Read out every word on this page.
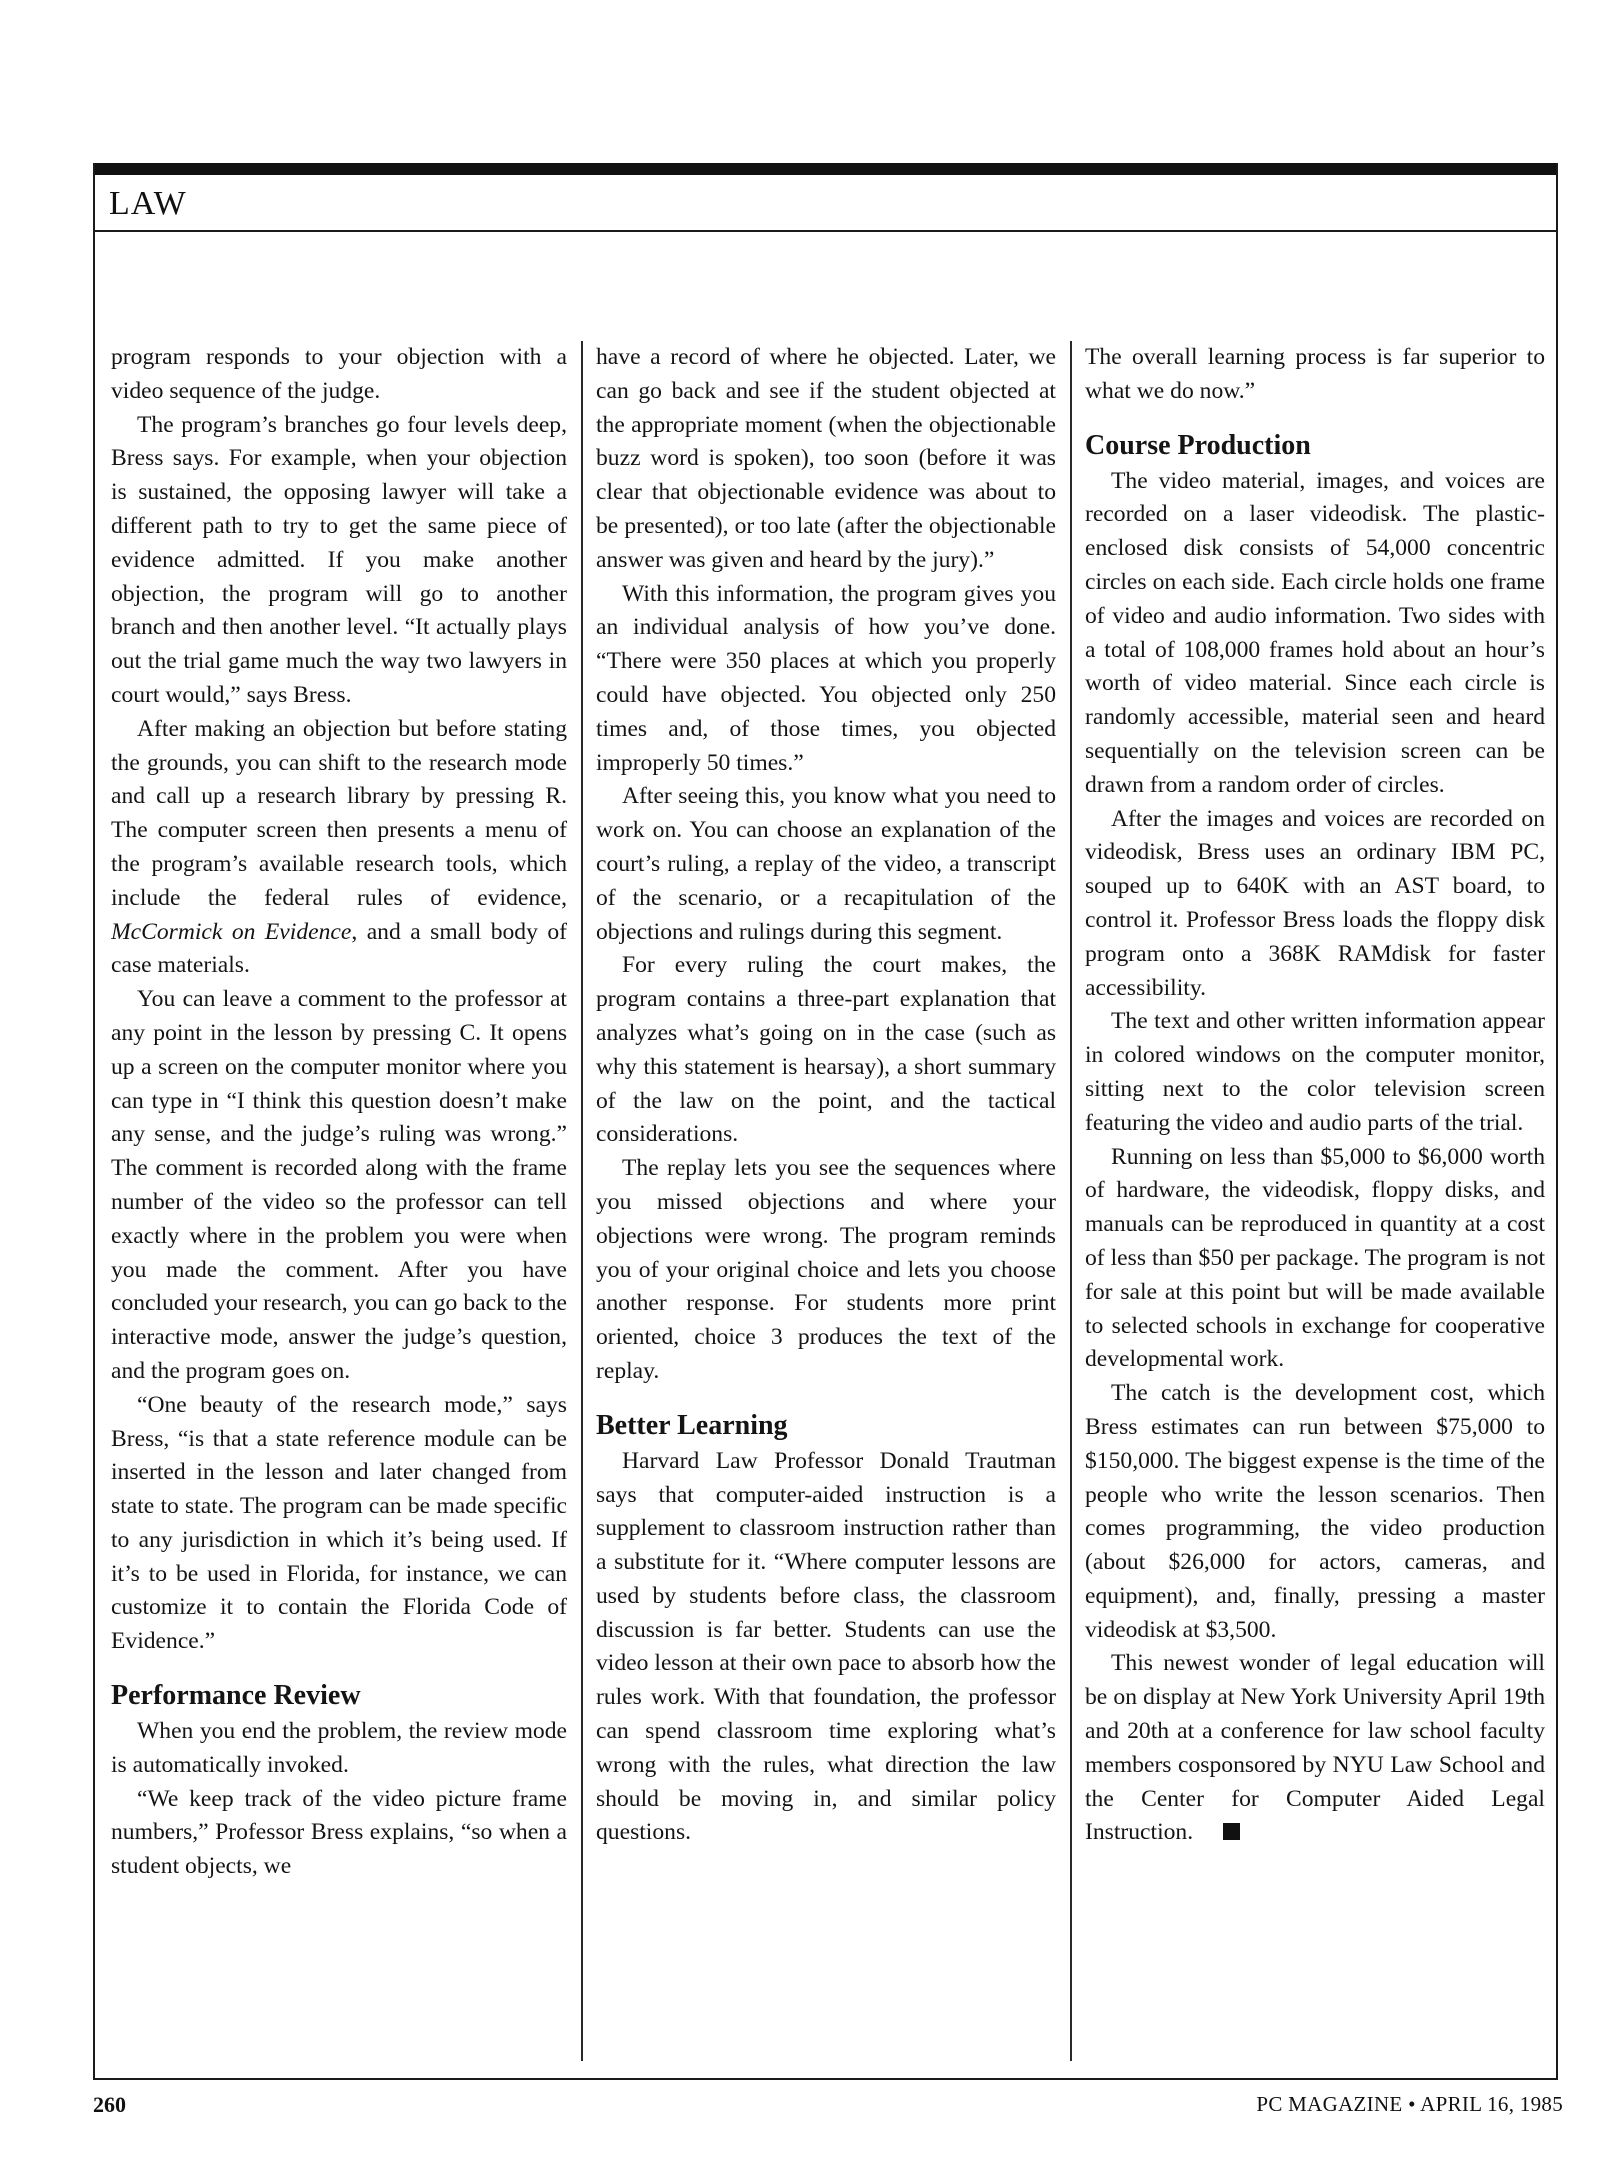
LAW

program responds to your objection with a video sequence of the judge.

The program’s branches go four levels deep, Bress says. For example, when your objection is sustained, the opposing lawyer will take a different path to try to get the same piece of evidence admitted. If you make another objection, the program will go to another branch and then another level. “It actually plays out the trial game much the way two lawyers in court would,” says Bress.

After making an objection but before stating the grounds, you can shift to the research mode and call up a research library by pressing R. The computer screen then presents a menu of the program’s available research tools, which include the federal rules of evidence, McCormick on Evidence, and a small body of case materials.

You can leave a comment to the professor at any point in the lesson by pressing C. It opens up a screen on the computer monitor where you can type in “I think this question doesn’t make any sense, and the judge’s ruling was wrong.” The comment is recorded along with the frame number of the video so the professor can tell exactly where in the problem you were when you made the comment. After you have concluded your research, you can go back to the interactive mode, answer the judge’s question, and the program goes on.

“One beauty of the research mode,” says Bress, “is that a state reference module can be inserted in the lesson and later changed from state to state. The program can be made specific to any jurisdiction in which it’s being used. If it’s to be used in Florida, for instance, we can customize it to contain the Florida Code of Evidence.”

Performance Review

When you end the problem, the review mode is automatically invoked.

“We keep track of the video picture frame numbers,” Professor Bress explains, “so when a student objects, we

have a record of where he objected. Later, we can go back and see if the student objected at the appropriate moment (when the objectionable buzz word is spoken), too soon (before it was clear that objectionable evidence was about to be presented), or too late (after the objectionable answer was given and heard by the jury).”

With this information, the program gives you an individual analysis of how you’ve done. “There were 350 places at which you properly could have objected. You objected only 250 times and, of those times, you objected improperly 50 times.”

After seeing this, you know what you need to work on. You can choose an explanation of the court’s ruling, a replay of the video, a transcript of the scenario, or a recapitulation of the objections and rulings during this segment.

For every ruling the court makes, the program contains a three-part explanation that analyzes what’s going on in the case (such as why this statement is hearsay), a short summary of the law on the point, and the tactical considerations.

The replay lets you see the sequences where you missed objections and where your objections were wrong. The program reminds you of your original choice and lets you choose another response. For students more print oriented, choice 3 produces the text of the replay.

Better Learning

Harvard Law Professor Donald Trautman says that computer-aided instruction is a supplement to classroom instruction rather than a substitute for it. “Where computer lessons are used by students before class, the classroom discussion is far better. Students can use the video lesson at their own pace to absorb how the rules work. With that foundation, the professor can spend classroom time exploring what’s wrong with the rules, what direction the law should be moving in, and similar policy questions.

The overall learning process is far superior to what we do now.”

Course Production

The video material, images, and voices are recorded on a laser videodisk. The plastic-enclosed disk consists of 54,000 concentric circles on each side. Each circle holds one frame of video and audio information. Two sides with a total of 108,000 frames hold about an hour’s worth of video material. Since each circle is randomly accessible, material seen and heard sequentially on the television screen can be drawn from a random order of circles.

After the images and voices are recorded on videodisk, Bress uses an ordinary IBM PC, souped up to 640K with an AST board, to control it. Professor Bress loads the floppy disk program onto a 368K RAMdisk for faster accessibility.

The text and other written information appear in colored windows on the computer monitor, sitting next to the color television screen featuring the video and audio parts of the trial.

Running on less than $5,000 to $6,000 worth of hardware, the videodisk, floppy disks, and manuals can be reproduced in quantity at a cost of less than $50 per package. The program is not for sale at this point but will be made available to selected schools in exchange for cooperative developmental work.

The catch is the development cost, which Bress estimates can run between $75,000 to $150,000. The biggest expense is the time of the people who write the lesson scenarios. Then comes programming, the video production (about $26,000 for actors, cameras, and equipment), and, finally, pressing a master videodisk at $3,500.

This newest wonder of legal education will be on display at New York University April 19th and 20th at a conference for law school faculty members cosponsored by NYU Law School and the Center for Computer Aided Legal Instruction.

260	PC MAGAZINE • APRIL 16, 1985
